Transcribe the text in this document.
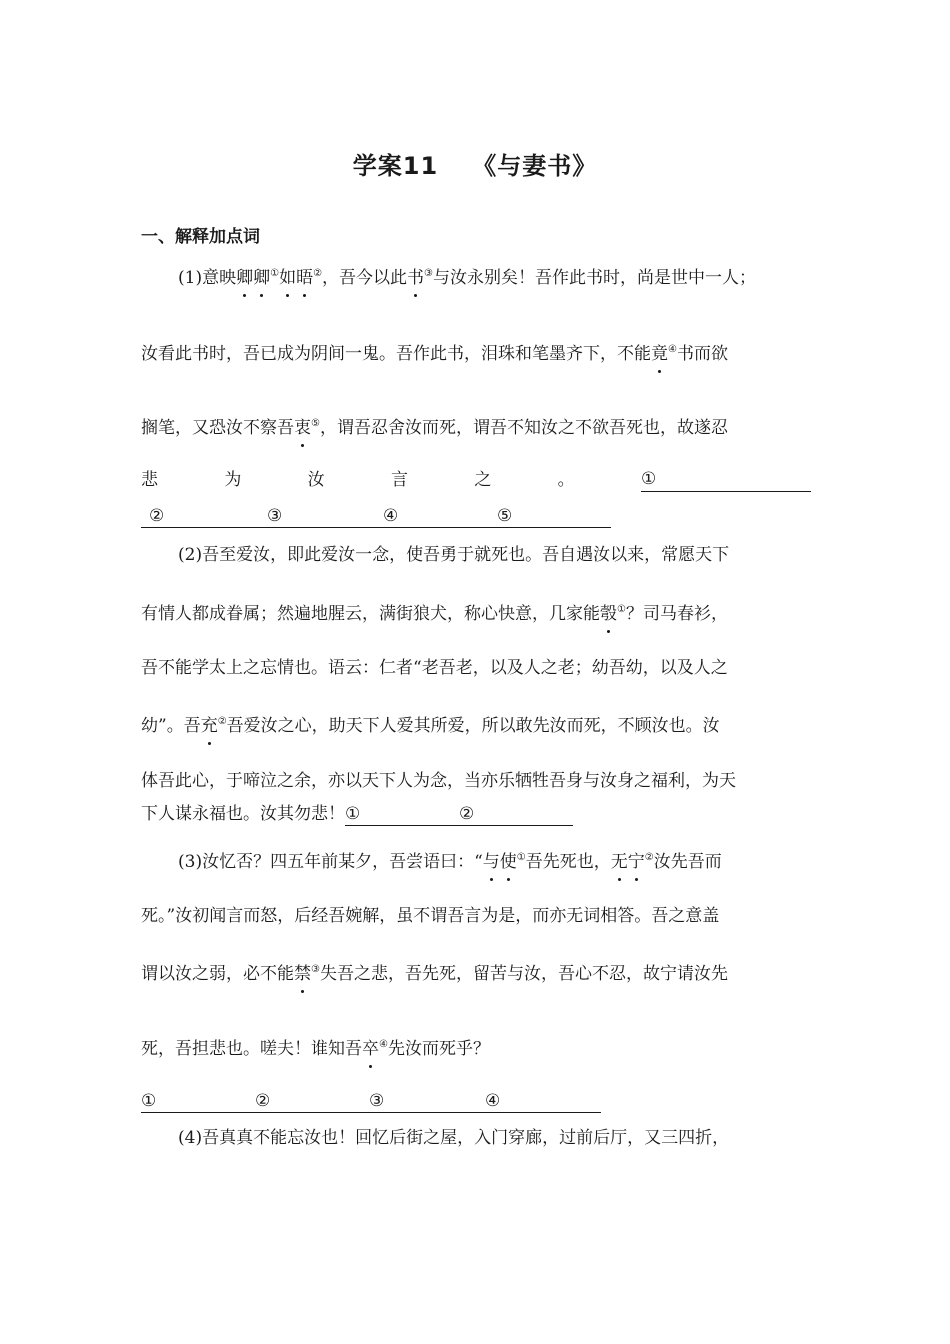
学案11 《与妻书》
一、解释加点词
(1)意映卿卿①如晤②，吾今以此书③与汝永别矣！吾作此书时，尚是世中一人；
汝看此书时，吾已成为阴间一鬼。吾作此书，泪珠和笔墨齐下，不能竟④书而欲
搁笔，又恐汝不察吾衷⑤，谓吾忍舍汝而死，谓吾不知汝之不欲吾死也，故遂忍
悲	为	汝	言	之	。	①
②	③	④	⑤
(2)吾至爱汝，即此爱汝一念，使吾勇于就死也。吾自遇汝以来，常愿天下
有情人都成眷属；然遍地腥云，满街狼犬，称心快意，几家能彀①？司马春衫，
吾不能学太上之忘情也。语云：仁者“老吾老，以及人之老；幼吾幼，以及人之
幼”。吾充②吾爱汝之心，助天下人爱其所爱，所以敢先汝而死，不顾汝也。汝
体吾此心，于啼泣之余，亦以天下人为念，当亦乐牺牲吾身与汝身之福利，为天
下人谋永福也。汝其勿悲！①	②
(3)汝忆否？四五年前某夕，吾尝语曰：“与使①吾先死也，无宁②汝先吾而
死。”汝初闻言而怒，后经吾婉解，虽不谓吾言为是，而亦无词相答。吾之意盖
谓以汝之弱，必不能禁③失吾之悲，吾先死，留苦与汝，吾心不忍，故宁请汝先
死，吾担悲也。嗟夫！谁知吾卒④先汝而死乎？
①	②	③	④
(4)吾真真不能忘汝也！回忆后街之屋，入门穿廊，过前后厅，又三四折，
